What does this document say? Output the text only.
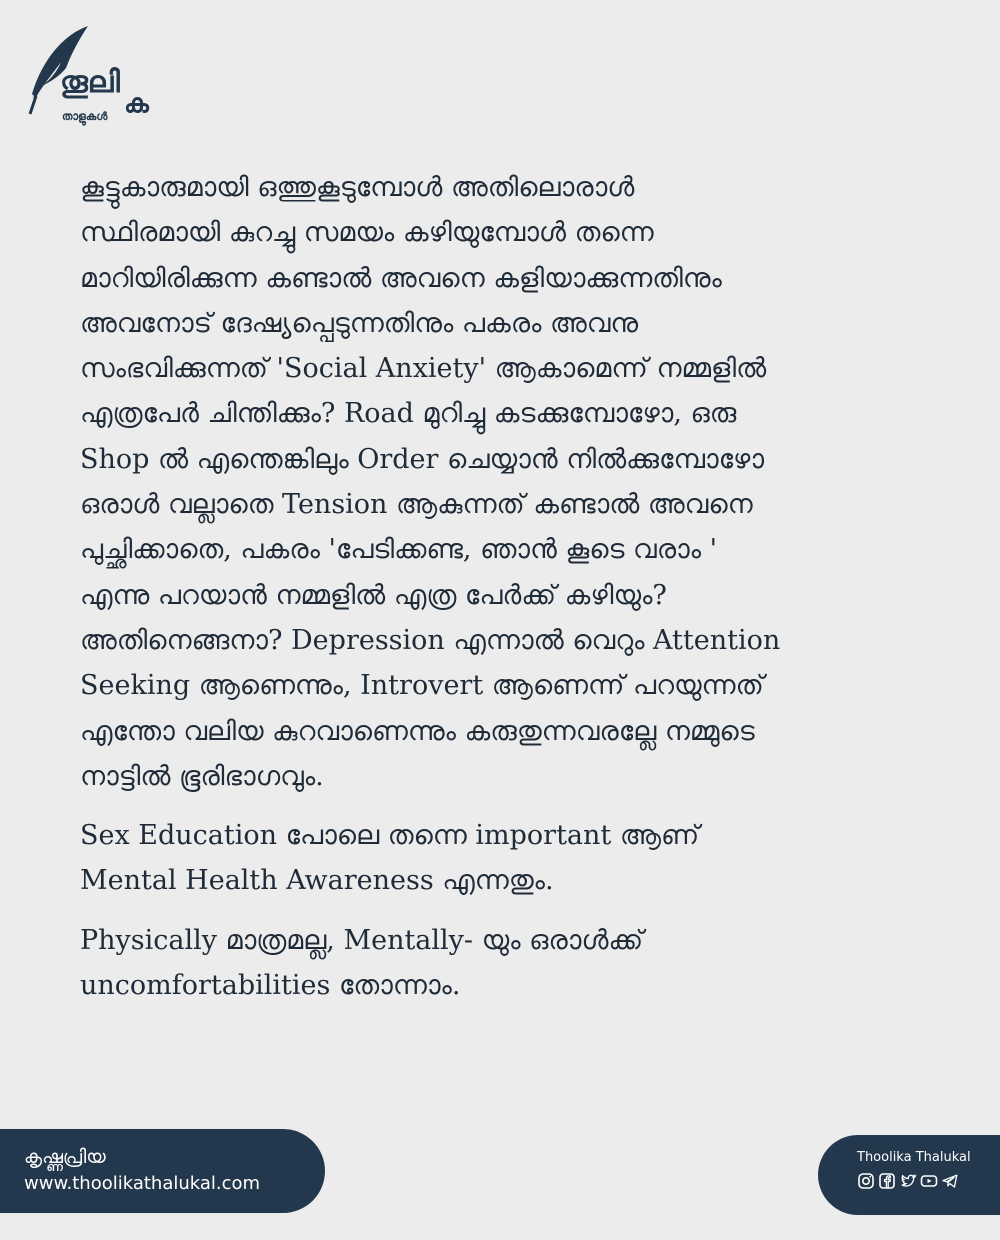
തൂലി
ക
താളുകൾ

കൂട്ടുകാരുമായി ഒത്തുകൂടുമ്പോൾ അതിലൊരാൾ
സ്ഥിരമായി കുറച്ചു സമയം കഴിയുമ്പോൾ തന്നെ
മാറിയിരിക്കുന്ന കണ്ടാൽ അവനെ കളിയാക്കുന്നതിനും
അവനോട് ദേഷ്യപ്പെടുന്നതിനും പകരം അവനു
സംഭവിക്കുന്നത് 'Social Anxiety' ആകാമെന്ന് നമ്മളിൽ
എത്രപേർ ചിന്തിക്കും? Road മുറിച്ചു കടക്കുമ്പോഴോ, ഒരു
Shop ൽ എന്തെങ്കിലും Order ചെയ്യാൻ നിൽക്കുമ്പോഴോ
ഒരാൾ വല്ലാതെ Tension ആകുന്നത് കണ്ടാൽ അവനെ
പുച്ഛിക്കാതെ, പകരം 'പേടിക്കണ്ട, ഞാൻ കൂടെ വരാം '
എന്നു പറയാൻ നമ്മളിൽ എത്ര പേർക്ക് കഴിയും?
അതിനെങ്ങനാ? Depression എന്നാൽ വെറും Attention
Seeking ആണെന്നും, Introvert ആണെന്ന് പറയുന്നത്
എന്തോ വലിയ കുറവാണെന്നും കരുതുന്നവരല്ലേ നമ്മുടെ
നാട്ടിൽ ഭൂരിഭാഗവും.

Sex Education പോലെ തന്നെ important ആണ്
Mental Health Awareness എന്നതും.

Physically മാത്രമല്ല, Mentally- യും ഒരാൾക്ക്
uncomfortabilities തോന്നാം.

കൃഷ്ണപ്രിയ
www.thoolikathalukal.com
Thoolika Thalukal
